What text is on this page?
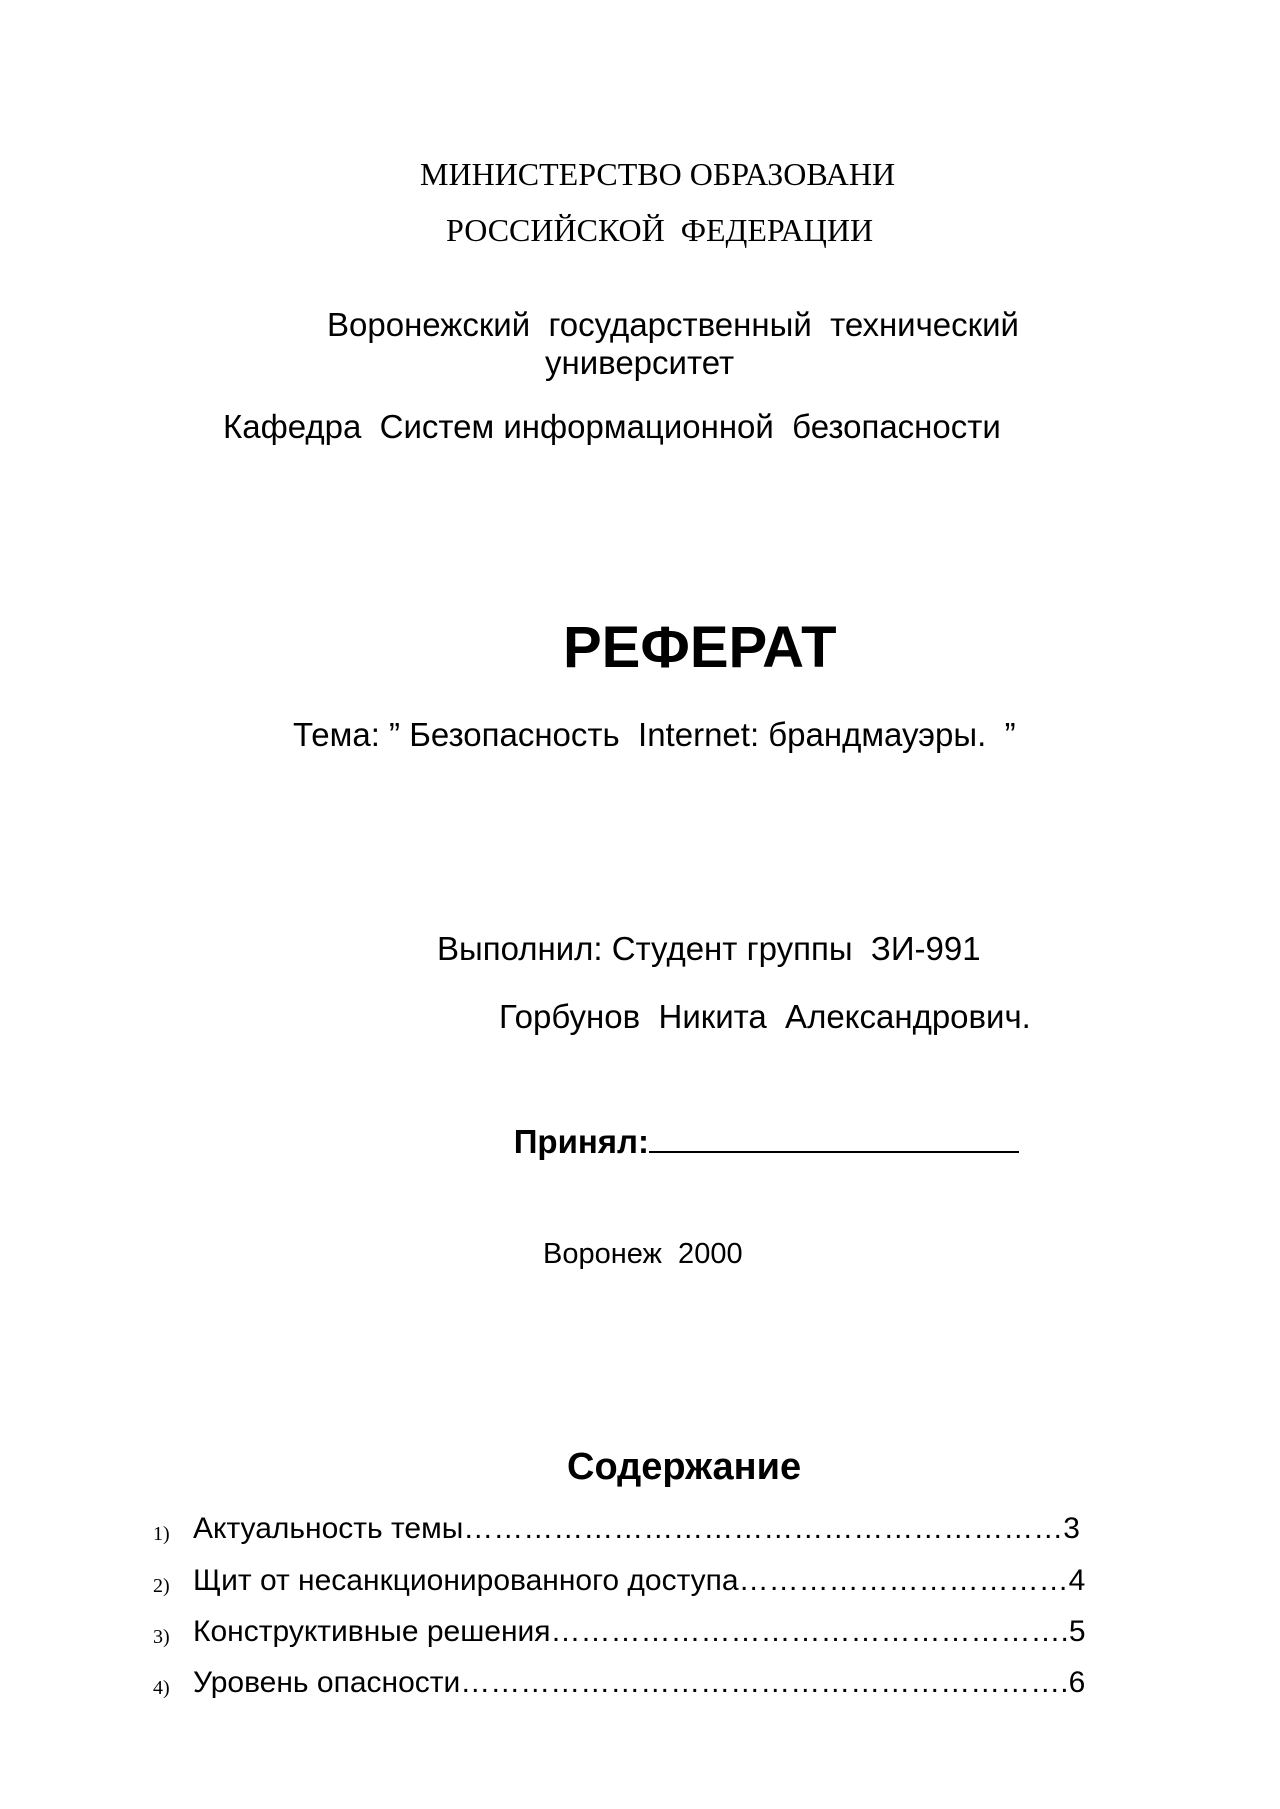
МИНИСТЕРСТВО ОБРАЗОВАНИ
РОССИЙСКОЙ  ФЕДЕРАЦИИ
Воронежский  государственный  технический
университет
Кафедра  Систем информационной  безопасности
РЕФЕРАТ
Тема: ” Безопасность  Internet: брандмауэры.  ”
Выполнил: Студент группы  ЗИ-991
Горбунов  Никита  Александрович.

Принял:

Воронеж  2000
Содержание
1) Актуальность темы……………………………………………………3
2) Щит от несанкционированного доступа……………………………4
3) Конструктивные решения…………………………………………….5
4) Уровень опасности…………………………………………………….6
